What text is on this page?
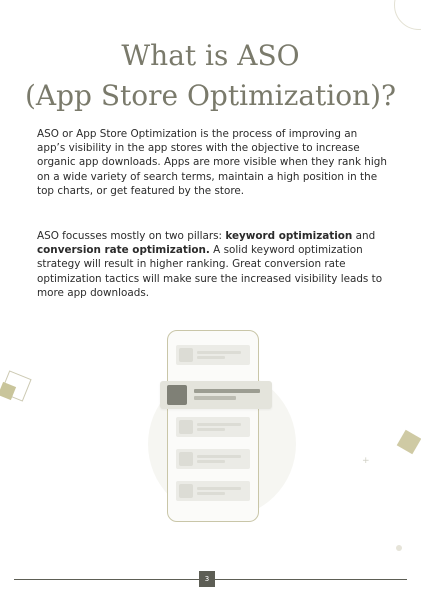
+
What is ASO
(App Store Optimization)?

ASO or App Store Optimization is the process of improving an app’s visibility in the app stores with the objective to increase organic app downloads. Apps are more visible when they rank high on a wide variety of search terms, maintain a high position in the top charts, or get featured by the store.

ASO focusses mostly on two pillars: keyword optimization and conversion rate optimization. A solid keyword optimization strategy will result in higher ranking. Great conversion rate optimization tactics will make sure the increased visibility leads to more app downloads.

3
